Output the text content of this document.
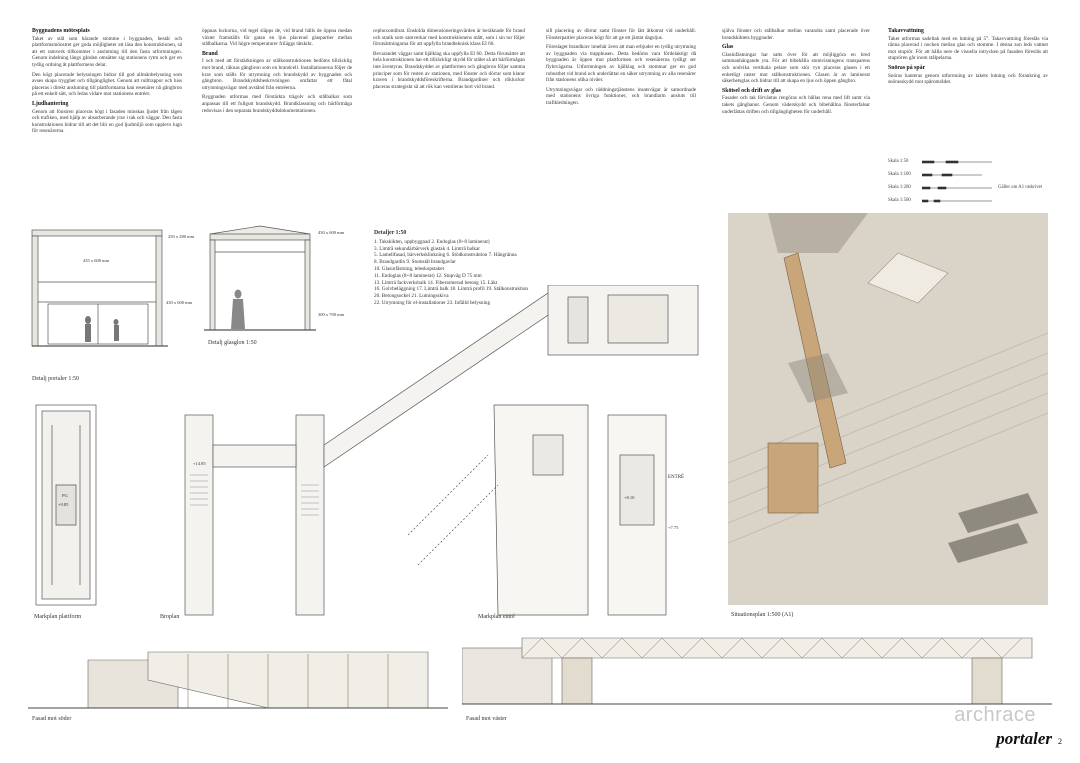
Byggnadens mötesplats

Taket av stål som bärande stomme i byggnaden, består och plattformsmönstret ger goda möjligheter att läsa den konstruktionen, så att ett ramverk tillkommer i anslutning till den fasta utformningen. Genom indelning längs gånden omsätter sig stationens rytm och ger en tydlig ordning åt plattformens delar.

Den högt placerade belysningen bidrar till god allmänbelysning som avses skapa trygghet och tillgänglighet. Genom att rulltrappor och hiss placeras i direkt anslutning till plattformarna kan resenärer nå gångbron på ett enkelt sätt, och ledas vidare mot stationens entréer.

Ljudhantering

Genom att fönstren placeras högt i fasaden minskas ljudet från tågen och trafiken, med hjälp av absorberande ytor i tak och väggar. Den fasta konstruktionen bidrar till att det blir en god ljudmiljö som upplevs lugn för resenärerna.

öppnas luckorna, vid tegel släpps de, vid brand hålls de öppna medan växter framställs för gatan en ljus placerad glaspartier mellan stålbalkarna. Vid högre temperaturer friläggs tätskikt.

Brand

I och med att förstärkningen av stålkonstruktionen bedöms tillräcklig mot brand, räknas gångbron som en brandcell. Installationerna följer de krav som ställs för utrymning och brandskydd av byggnaden och gångbron. Brandskyddsbeskrivningen omfattar ett fåtal utrymningsvägar med avstånd från entréerna.

Byggnaden utformas med förstärkta trägolv och stålbalkar som anpassas till ett fullgott brandskydd. Brandklassning och bärförmåga redovisas i den separata brandskyddsdokumentationen.

cephoxomibrat. Enskilda dimensioneringsvärden är beräknade för brand och statik som samverkar med konstruktionens mått, som i sin tur följer förutsättningarna för att uppfylla brandteknisk klass EI 60.

Bevarandet väggar samt bjälklag ska uppfylla EI 60. Detta förutsätter att hela konstruktionen har ett tillräckligt skydd för stålet så att bärförmågan inte äventyras. Brandskyddet av plattformen och gångbron följer samma principer som för resten av stationen, med fönster och dörrar som klarar kraven i brandskyddsföreskrifterna. Brandgardiner och rökluckor placeras strategiskt så att rök kan ventileras bort vid brand.

sill placering av dörrar samt fönster för lätt åtkomst vid underhåll. Fönsterpartier placeras högt för att ge ett jämnt dagsljus.

Föreslaget brandkrav innebär även att man erbjuder en tydlig utrymning av byggnaden via trapphusen. Detta bedöms vara fördelaktigt då byggnaden är öppen mot plattformen och resenärerna tydligt ser flyktvägarna. Utformningen av bjälklag och stommar ger en god robusthet vid brand och underlättar en säker utrymning av alla resenärer från stationens olika nivåer.

Utrymningsvägar och räddningstjänstens insatsvägar är samordnade med stationens övriga funktioner, och brandlarm ansluts till trafikledningen.

själva fönster och stålbalkar mellan varandra samt placerade över brandskiktets byggnader.

Glas

Glasinfästningar har satts över för att möjliggöra en bred sammanhängande yta. För att bibehålla stomvisningens transparens och undvika vertikala pelare som stör vyn placeras glasen i ett enhetligt raster mot stålkonstruktionen. Glasen är av laminerat säkerhetsglas och bidrar till att skapa en ljus och öppen gångbro.

Skötsel och drift av glas

Fasader och tak förväntas rengöras och hållas rena med lift samt via takets gångbanor. Genom väderskydd och bibehållna fönsterfalsar underlättas driften och tillgängligheten för underhåll.

Takavvattning

Taket utformas sadeltak med en lutning på 5°. Takavvattning föreslås via ränna placerad i nocken mellan glas och stomme. I denna zon leds vattnet mot stuprör. För att hålla nere de visuella intrycken på fasaden föreslås att stuprören går inom stålpelarna.

Snöras på spår

Snöras hanteras genom utformning av takets lutning och förankring av snörasskydd mot spårområdet.

Skala 1:50
Skala 1:100
Skala 1:200
Skala 1:500
Gäller om A1 utskrivet
435 x 600 mm
250 x 280 mm
430 x 600 mm
Detalj portaler 1:50
430 x 600 mm
300 x 700 mm
Detalj glasglon 1:50
Detaljer 1:50
1. Takskikten, uppbyggnad 2. Endoglas (8+8 laminerat)
3. Limträ sekundärbärverk glastak 4. Limträ balkar
5. Lamellfasad, bärverksklinkning 6. Stödkonstruktion 7. Hängränna
8. Brandgardin 9. Stomstål brandgavlar
10. Glasinfästning, teleskopstaket
11. Endoglas (8+8 laminerat) 12. Stupväg D 75 mm
13. Limträ fackverksbalk 14. Fiberarmerad betong 15. Läkt
16. Golvbeläggning 17. Limträ balk 18. Limträ profil 19. Stålkonstruktion
20. Betongsockel 21. Lutningsskiva
22. Utrymning för el-installationer 23. Infälld belysning
PG
+9.85
+14.85
+8.10
+7.75
ENTRÉ
Markplan plattform	Broplan	Markplan entré	Situationsplan 1:500 (A1)
Fasad mot söder	Fasad mot väster	archrace
portaler 2
